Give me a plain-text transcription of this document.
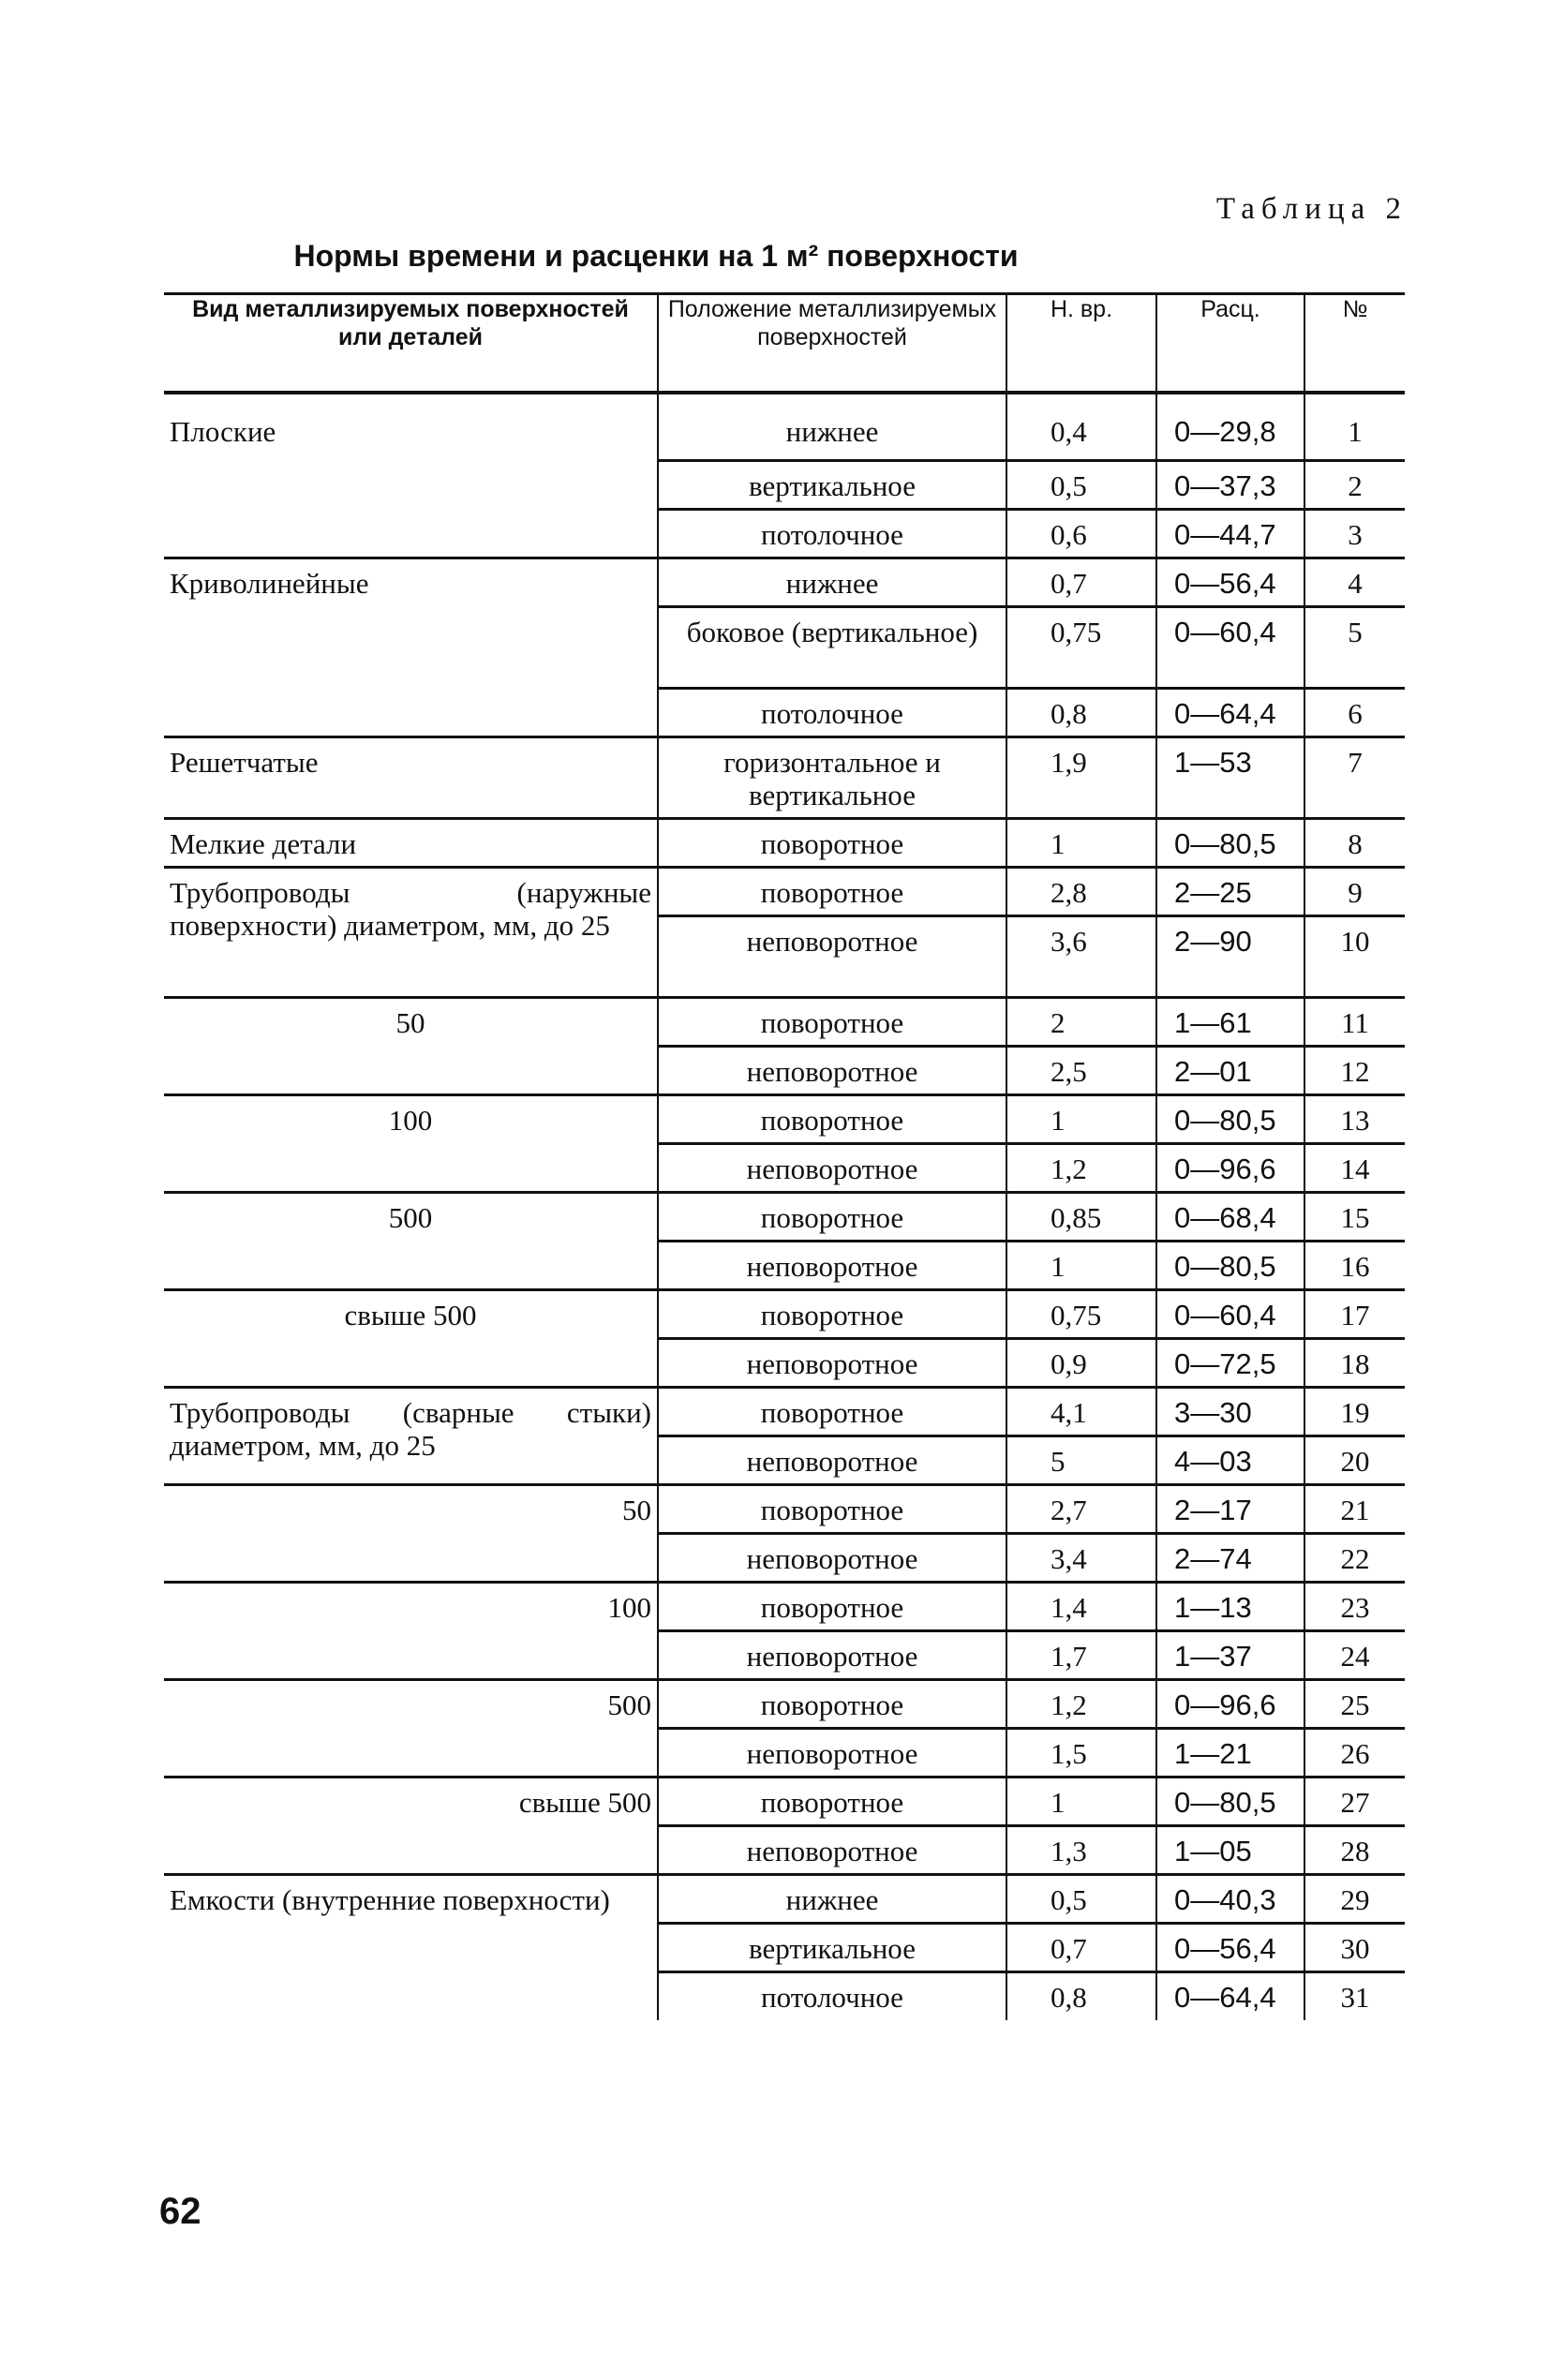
Таблица 2
Нормы времени и расценки на 1 м² поверхности
Вид металлизируемых поверхностей или деталей	Положение металлизируемых поверхностей	Н. вр.	Расц.	№
Плоские	нижнее	0,4	0—29,8	1
	вертикальное	0,5	0—37,3	2
	потолочное	0,6	0—44,7	3
Криволинейные	нижнее	0,7	0—56,4	4
	боковое (вертикальное)	0,75	0—60,4	5
	потолочное	0,8	0—64,4	6
Решетчатые	горизонтальное и вертикальное	1,9	1—53	7
Мелкие детали	поворотное	1	0—80,5	8
Трубопроводы (наружные поверхности) диаметром, мм, до 25	поворотное	2,8	2—25	9
	неповоротное	3,6	2—90	10
50	поворотное	2	1—61	11
	неповоротное	2,5	2—01	12
100	поворотное	1	0—80,5	13
	неповоротное	1,2	0—96,6	14
500	поворотное	0,85	0—68,4	15
	неповоротное	1	0—80,5	16
свыше 500	поворотное	0,75	0—60,4	17
	неповоротное	0,9	0—72,5	18
Трубопроводы (сварные стыки) диаметром, мм, до 25	поворотное	4,1	3—30	19
	неповоротное	5	4—03	20
50	поворотное	2,7	2—17	21
	неповоротное	3,4	2—74	22
100	поворотное	1,4	1—13	23
	неповоротное	1,7	1—37	24
500	поворотное	1,2	0—96,6	25
	неповоротное	1,5	1—21	26
свыше 500	поворотное	1	0—80,5	27
	неповоротное	1,3	1—05	28
Емкости (внутренние поверхности)	нижнее	0,5	0—40,3	29
	вертикальное	0,7	0—56,4	30
	потолочное	0,8	0—64,4	31
62
